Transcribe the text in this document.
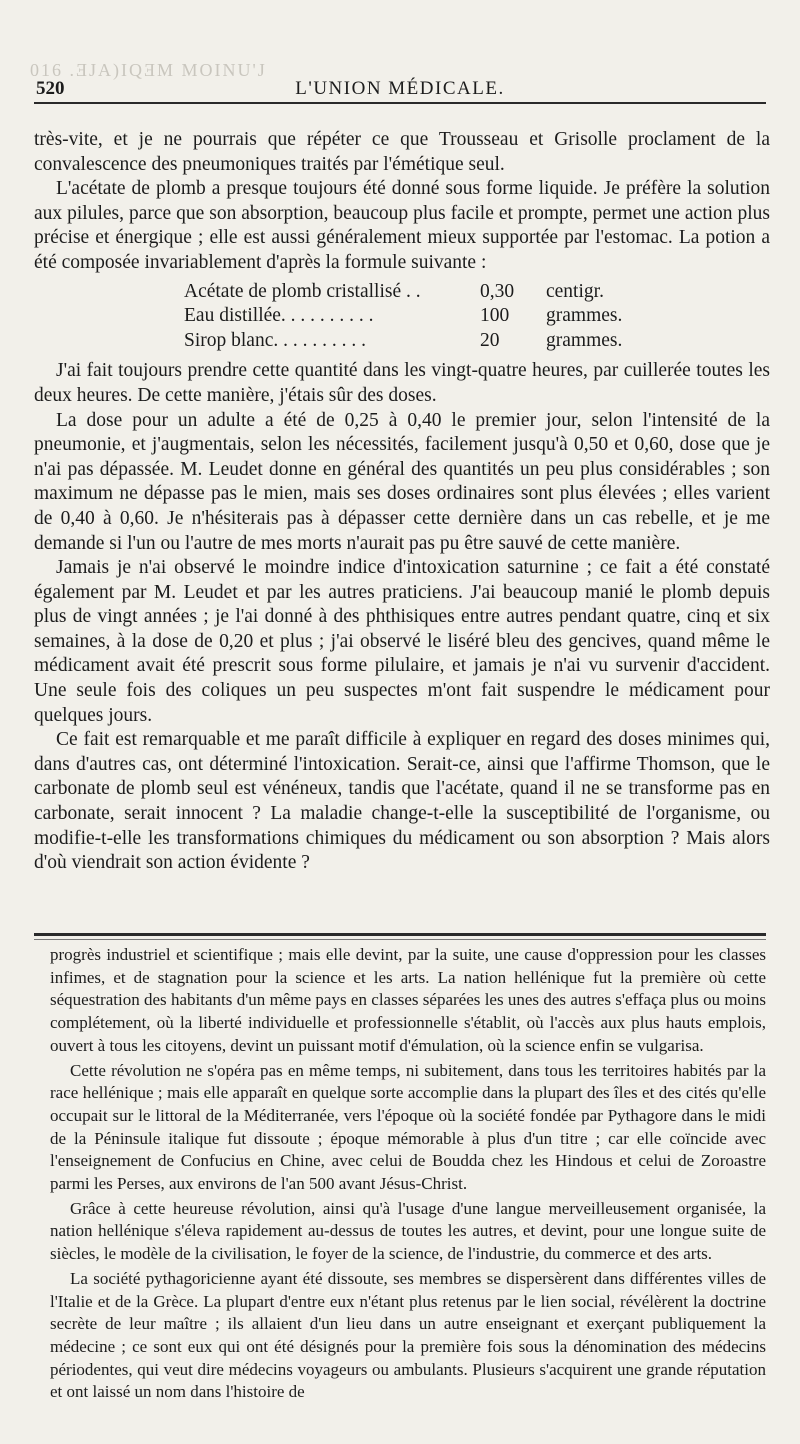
016 .ƎJA)IQƎM MOINU'J
520	L'UNION MÉDICALE.

très-vite, et je ne pourrais que répéter ce que Trousseau et Grisolle proclament de la convalescence des pneumoniques traités par l'émétique seul.

L'acétate de plomb a presque toujours été donné sous forme liquide. Je préfère la solution aux pilules, parce que son absorption, beaucoup plus facile et prompte, permet une action plus précise et énergique ; elle est aussi généralement mieux supportée par l'estomac. La potion a été composée invariablement d'après la formule suivante :

Acétate de plomb cristallisé . .	0,30	centigr.
Eau distillée. . . . . . . . . .	100	grammes.
Sirop blanc. . . . . . . . . .	20	grammes.

J'ai fait toujours prendre cette quantité dans les vingt-quatre heures, par cuillerée toutes les deux heures. De cette manière, j'étais sûr des doses.

La dose pour un adulte a été de 0,25 à 0,40 le premier jour, selon l'intensité de la pneumonie, et j'augmentais, selon les nécessités, facilement jusqu'à 0,50 et 0,60, dose que je n'ai pas dépassée. M. Leudet donne en général des quantités un peu plus considérables ; son maximum ne dépasse pas le mien, mais ses doses ordinaires sont plus élevées ; elles varient de 0,40 à 0,60. Je n'hésiterais pas à dépasser cette dernière dans un cas rebelle, et je me demande si l'un ou l'autre de mes morts n'aurait pas pu être sauvé de cette manière.

Jamais je n'ai observé le moindre indice d'intoxication saturnine ; ce fait a été constaté également par M. Leudet et par les autres praticiens. J'ai beaucoup manié le plomb depuis plus de vingt années ; je l'ai donné à des phthisiques entre autres pendant quatre, cinq et six semaines, à la dose de 0,20 et plus ; j'ai observé le liséré bleu des gencives, quand même le médicament avait été prescrit sous forme pilulaire, et jamais je n'ai vu survenir d'accident. Une seule fois des coliques un peu suspectes m'ont fait suspendre le médicament pour quelques jours.

Ce fait est remarquable et me paraît difficile à expliquer en regard des doses minimes qui, dans d'autres cas, ont déterminé l'intoxication. Serait-ce, ainsi que l'affirme Thomson, que le carbonate de plomb seul est vénéneux, tandis que l'acétate, quand il ne se transforme pas en carbonate, serait innocent ? La maladie change-t-elle la susceptibilité de l'organisme, ou modifie-t-elle les transformations chimiques du médicament ou son absorption ? Mais alors d'où viendrait son action évidente ?

progrès industriel et scientifique ; mais elle devint, par la suite, une cause d'oppression pour les classes infimes, et de stagnation pour la science et les arts. La nation hellénique fut la première où cette séquestration des habitants d'un même pays en classes séparées les unes des autres s'effaça plus ou moins complétement, où la liberté individuelle et professionnelle s'établit, où l'accès aux plus hauts emplois, ouvert à tous les citoyens, devint un puissant motif d'émulation, où la science enfin se vulgarisa.

Cette révolution ne s'opéra pas en même temps, ni subitement, dans tous les territoires habités par la race hellénique ; mais elle apparaît en quelque sorte accomplie dans la plupart des îles et des cités qu'elle occupait sur le littoral de la Méditerranée, vers l'époque où la société fondée par Pythagore dans le midi de la Péninsule italique fut dissoute ; époque mémorable à plus d'un titre ; car elle coïncide avec l'enseignement de Confucius en Chine, avec celui de Boudda chez les Hindous et celui de Zoroastre parmi les Perses, aux environs de l'an 500 avant Jésus-Christ.

Grâce à cette heureuse révolution, ainsi qu'à l'usage d'une langue merveilleusement organisée, la nation hellénique s'éleva rapidement au-dessus de toutes les autres, et devint, pour une longue suite de siècles, le modèle de la civilisation, le foyer de la science, de l'industrie, du commerce et des arts.

La société pythagoricienne ayant été dissoute, ses membres se dispersèrent dans différentes villes de l'Italie et de la Grèce. La plupart d'entre eux n'étant plus retenus par le lien social, révélèrent la doctrine secrète de leur maître ; ils allaient d'un lieu dans un autre enseignant et exerçant publiquement la médecine ; ce sont eux qui ont été désignés pour la première fois sous la dénomination des médecins périodentes, qui veut dire médecins voyageurs ou ambulants. Plusieurs s'acquirent une grande réputation et ont laissé un nom dans l'histoire de
